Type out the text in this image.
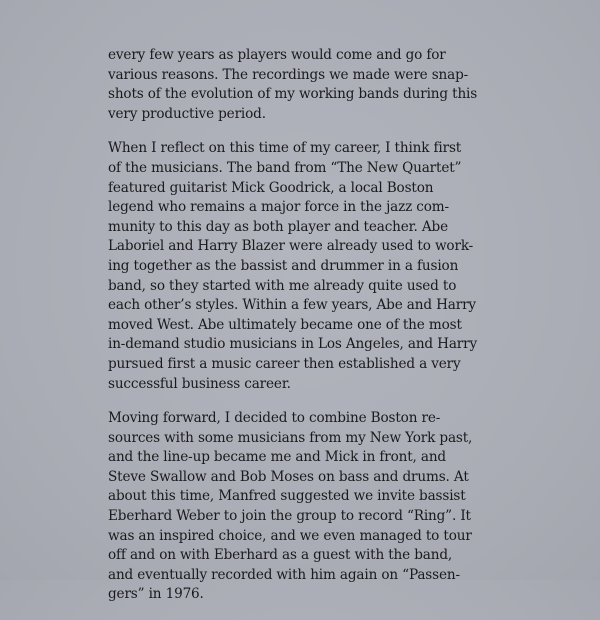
every few years as players would come and go for
various reasons. The recordings we made were snap-
shots of the evolution of my working bands during this
very productive period.

When I reflect on this time of my career, I think first
of the musicians. The band from “The New Quartet”
featured guitarist Mick Goodrick, a local Boston
legend who remains a major force in the jazz com-
munity to this day as both player and teacher. Abe
Laboriel and Harry Blazer were already used to work-
ing together as the bassist and drummer in a fusion
band, so they started with me already quite used to
each other’s styles. Within a few years, Abe and Harry
moved West. Abe ultimately became one of the most
in-demand studio musicians in Los Angeles, and Harry
pursued first a music career then established a very
successful business career.

Moving forward, I decided to combine Boston re-
sources with some musicians from my New York past,
and the line-up became me and Mick in front, and
Steve Swallow and Bob Moses on bass and drums. At
about this time, Manfred suggested we invite bassist
Eberhard Weber to join the group to record “Ring”. It
was an inspired choice, and we even managed to tour
off and on with Eberhard as a guest with the band,
and eventually recorded with him again on “Passen-
gers” in 1976.
